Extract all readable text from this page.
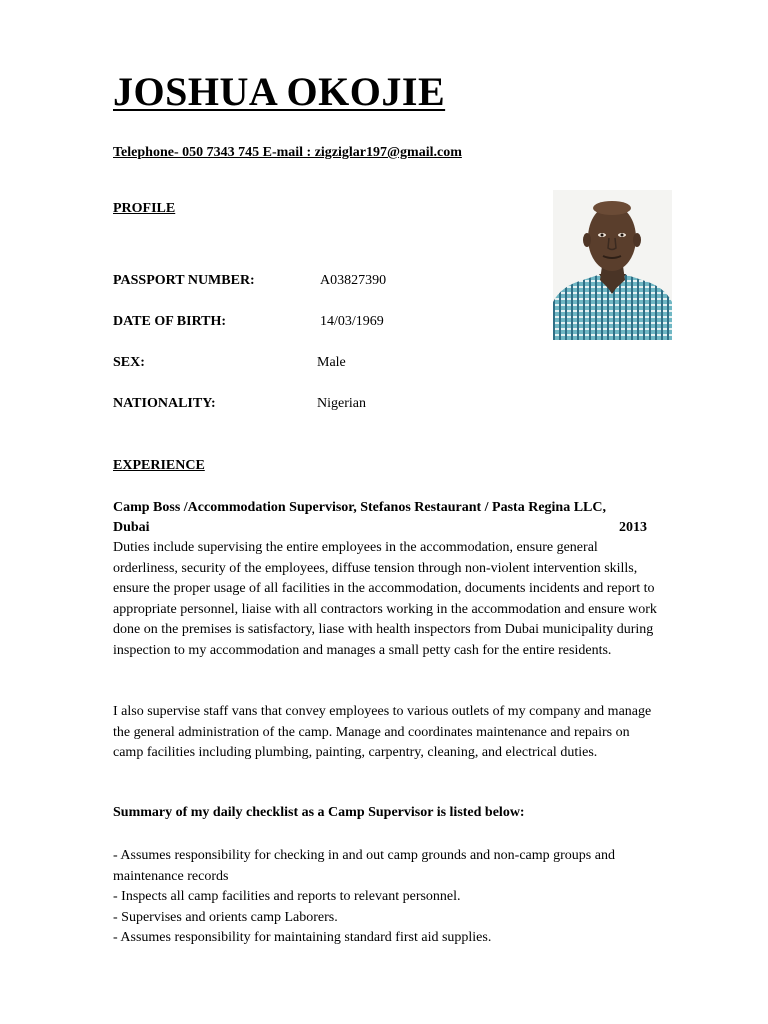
JOSHUA OKOJIE
Telephone- 050 7343 745 E-mail : zigziglar197@gmail.com
PROFILE
PASSPORT NUMBER:	A03827390
DATE OF BIRTH:	14/03/1969
SEX:	Male
NATIONALITY:	Nigerian
EXPERIENCE
Camp Boss /Accommodation Supervisor, Stefanos Restaurant / Pasta Regina LLC,
Dubai	2013
Duties include supervising the entire employees in the accommodation, ensure general orderliness, security of the employees, diffuse tension through non-violent intervention skills, ensure the proper usage of all facilities in the accommodation, documents incidents and report to appropriate personnel, liaise with all contractors working in the accommodation and ensure work done on the premises is satisfactory, liase with health inspectors from Dubai municipality during inspection to my accommodation and manages a small petty cash for the entire residents.
I also supervise staff vans that convey employees to various outlets of my company and manage the general administration of the camp. Manage and coordinates maintenance and repairs on camp facilities including plumbing, painting, carpentry, cleaning, and electrical duties.
Summary of my daily checklist as a Camp Supervisor is listed below:
- Assumes responsibility for checking in and out camp grounds and non-camp groups and maintenance records
- Inspects all camp facilities and reports to relevant personnel.
- Supervises and orients camp Laborers.
- Assumes responsibility for maintaining standard first aid supplies.
